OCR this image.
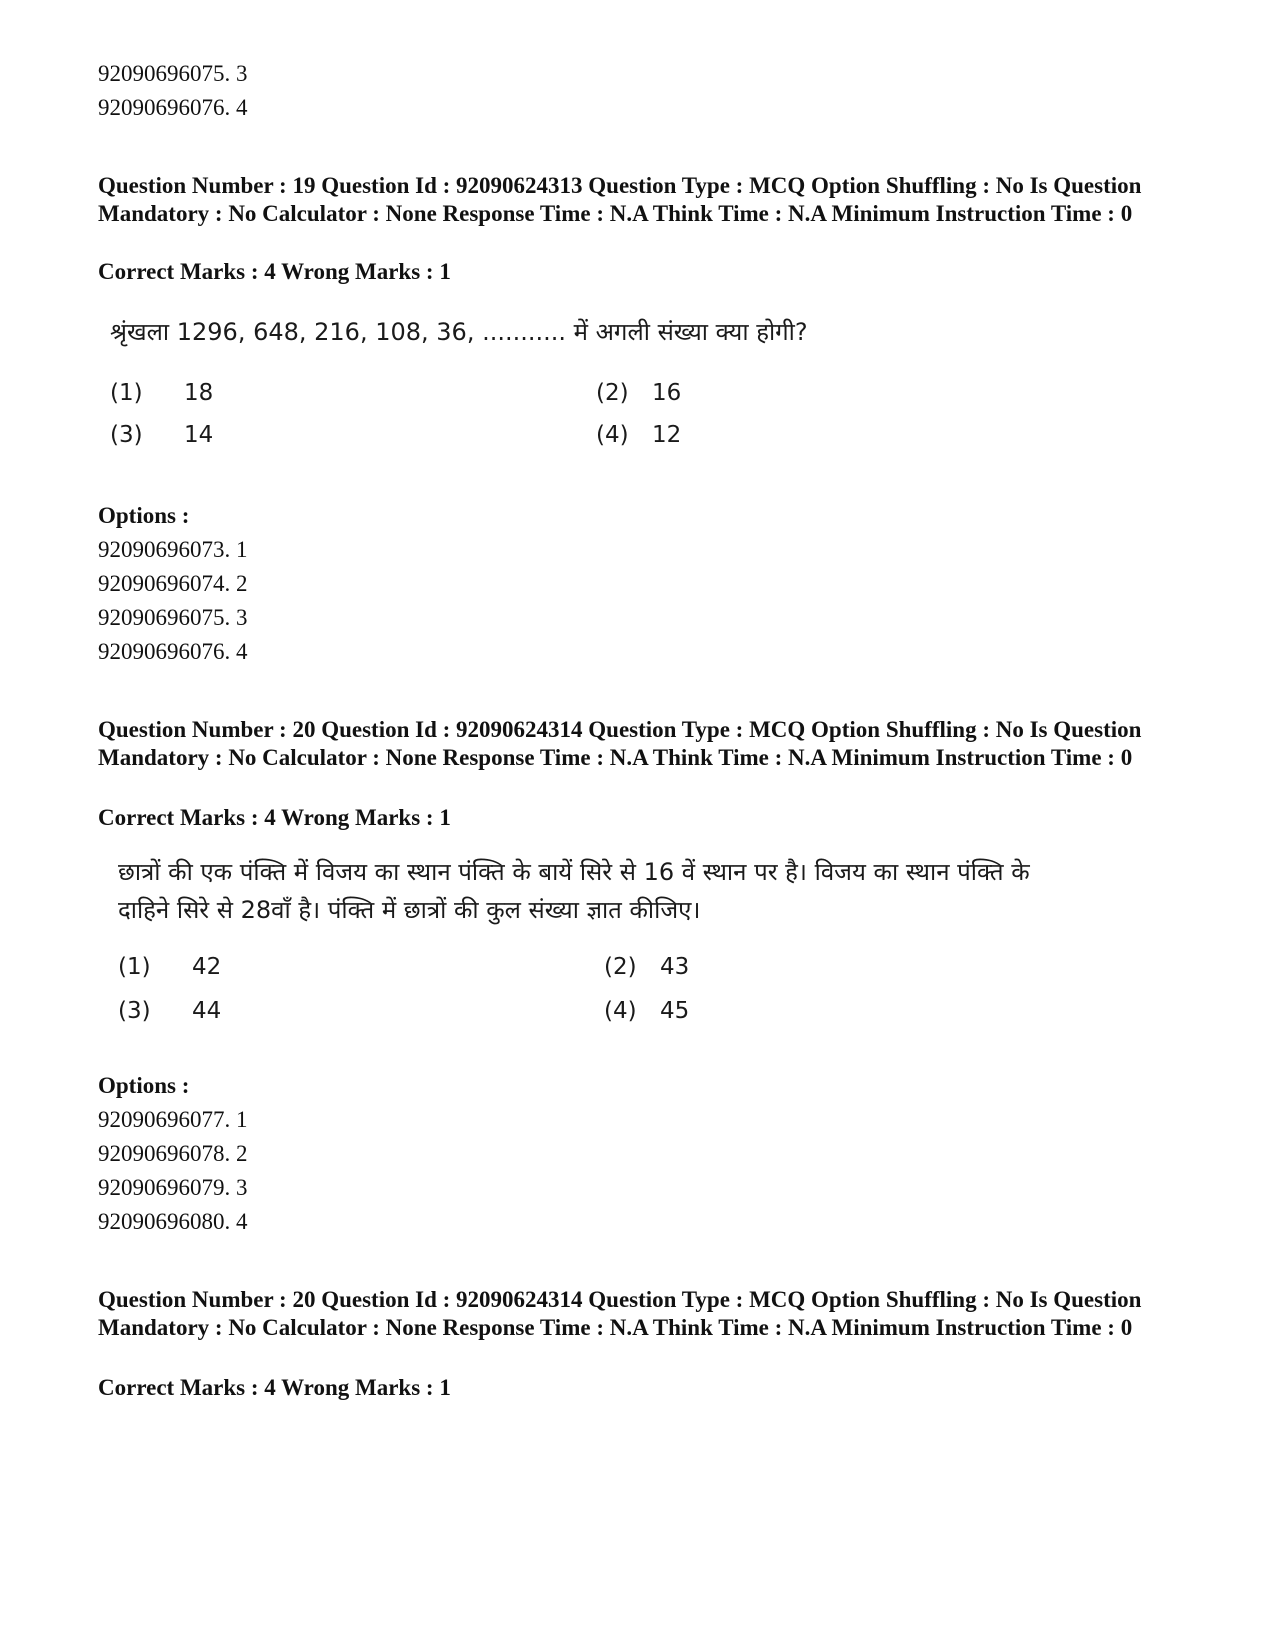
92090696075. 3
92090696076. 4
Question Number : 19 Question Id : 92090624313 Question Type : MCQ Option Shuffling : No Is Question Mandatory : No Calculator : None Response Time : N.A Think Time : N.A Minimum Instruction Time : 0
Correct Marks : 4 Wrong Marks : 1
श्रृंखला 1296, 648, 216, 108, 36, ........... में अगली संख्या क्या होगी?
(1) 18	(2) 16
(3) 14	(4) 12
Options :
92090696073. 1
92090696074. 2
92090696075. 3
92090696076. 4
Question Number : 20 Question Id : 92090624314 Question Type : MCQ Option Shuffling : No Is Question Mandatory : No Calculator : None Response Time : N.A Think Time : N.A Minimum Instruction Time : 0
Correct Marks : 4 Wrong Marks : 1
छात्रों की एक पंक्ति में विजय का स्थान पंक्ति के बायें सिरे से 16 वें स्थान पर है। विजय का स्थान पंक्ति के
दाहिने सिरे से 28वाँ है। पंक्ति में छात्रों की कुल संख्या ज्ञात कीजिए।
(1) 42	(2) 43
(3) 44	(4) 45
Options :
92090696077. 1
92090696078. 2
92090696079. 3
92090696080. 4
Question Number : 20 Question Id : 92090624314 Question Type : MCQ Option Shuffling : No Is Question Mandatory : No Calculator : None Response Time : N.A Think Time : N.A Minimum Instruction Time : 0
Correct Marks : 4 Wrong Marks : 1
